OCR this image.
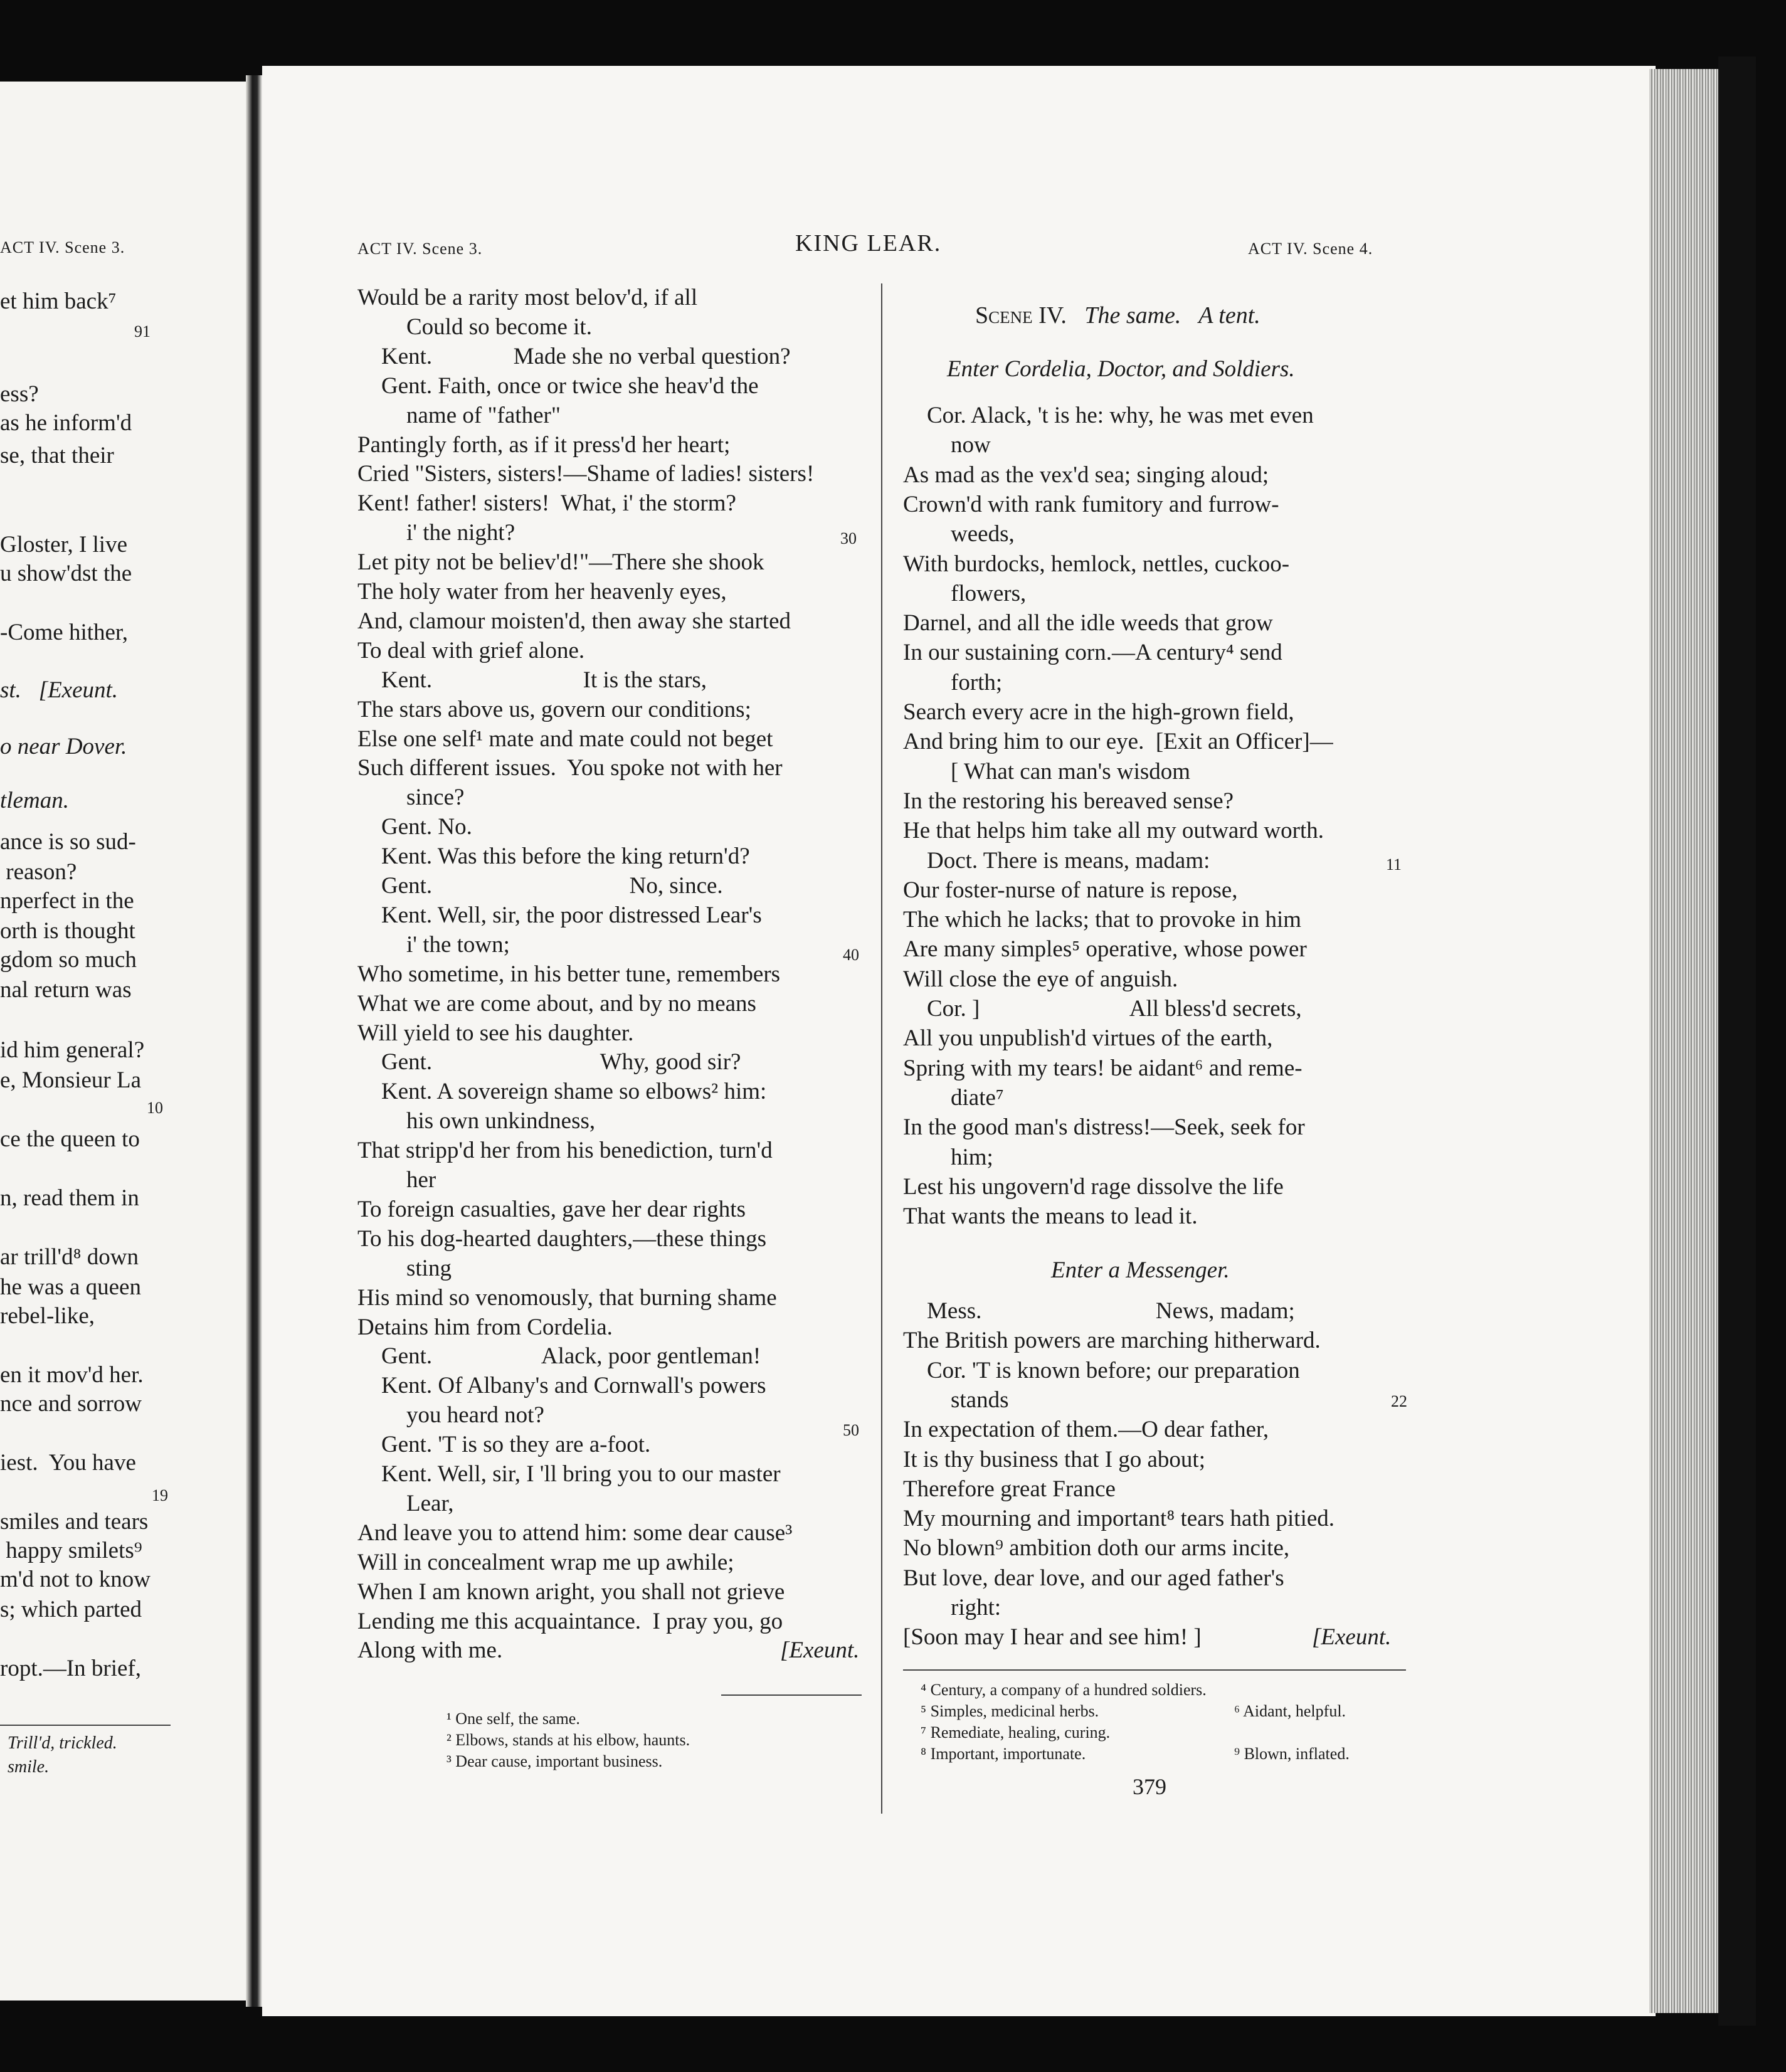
ACT IV. Scene 3.
et him back⁷
ess?
as he inform'd
se, that their
Gloster, I live
u show'dst the
-Come hither,
st.   [Exeunt.
o near Dover.
tleman.
ance is so sud-
reason?
nperfect in the
orth is thought
gdom so much
nal return was
id him general?
e, Monsieur La
ce the queen to
n, read them in
ar trill'd⁸ down
he was a queen
rebel-like,
en it mov'd her.
nce and sorrow
iest.  You have
smiles and tears
happy smilets⁹
m'd not to know
s; which parted
ropt.—In brief,
91
10
19
Trill'd, trickled.
smile.
ACT IV. Scene 3.	KING LEAR.	ACT IV. Scene 4.
Would be a rarity most belov'd, if all
Could so become it.
Kent.              Made she no verbal question?
Gent. Faith, once or twice she heav'd the
name of "father"
Pantingly forth, as if it press'd her heart;
Cried "Sisters, sisters!—Shame of ladies! sisters!
Kent! father! sisters!  What, i' the storm?
i' the night?
Let pity not be believ'd!"—There she shook
The holy water from her heavenly eyes,
And, clamour moisten'd, then away she started
To deal with grief alone.
Kent.                          It is the stars,
The stars above us, govern our conditions;
Else one self¹ mate and mate could not beget
Such different issues.  You spoke not with her
since?
Gent. No.
Kent. Was this before the king return'd?
Gent.                                  No, since.
Kent. Well, sir, the poor distressed Lear's
i' the town;
Who sometime, in his better tune, remembers
What we are come about, and by no means
Will yield to see his daughter.
Gent.                             Why, good sir?
Kent. A sovereign shame so elbows² him:
his own unkindness,
That stripp'd her from his benediction, turn'd
her
To foreign casualties, gave her dear rights
To his dog-hearted daughters,—these things
sting
His mind so venomously, that burning shame
Detains him from Cordelia.
Gent.                   Alack, poor gentleman!
Kent. Of Albany's and Cornwall's powers
you heard not?
Gent. 'T is so they are a-foot.
Kent. Well, sir, I 'll bring you to our master
Lear,
And leave you to attend him: some dear cause³
Will in concealment wrap me up awhile;
When I am known aright, you shall not grieve
Lending me this acquaintance.  I pray you, go
Along with me.	[Exeunt.
30
40
50
¹ One self, the same.
² Elbows, stands at his elbow, haunts.
³ Dear cause, important business.
Scene IV. The same.   A tent.
Enter Cordelia, Doctor, and Soldiers.
Cor. Alack, 't is he: why, he was met even
now
As mad as the vex'd sea; singing aloud;
Crown'd with rank fumitory and furrow-
weeds,
With burdocks, hemlock, nettles, cuckoo-
flowers,
Darnel, and all the idle weeds that grow
In our sustaining corn.—A century⁴ send
forth;
Search every acre in the high-grown field,
And bring him to our eye.  [Exit an Officer]—
[ What can man's wisdom
In the restoring his bereaved sense?
He that helps him take all my outward worth.
Doct. There is means, madam:
Our foster-nurse of nature is repose,
The which he lacks; that to provoke in him
Are many simples⁵ operative, whose power
Will close the eye of anguish.
Cor. ]                          All bless'd secrets,
All you unpublish'd virtues of the earth,
Spring with my tears! be aidant⁶ and reme-
diate⁷
In the good man's distress!—Seek, seek for
him;
Lest his ungovern'd rage dissolve the life
That wants the means to lead it.
Enter a Messenger.
Mess.                              News, madam;
The British powers are marching hitherward.
Cor. 'T is known before; our preparation
stands
In expectation of them.—O dear father,
It is thy business that I go about;
Therefore great France
My mourning and important⁸ tears hath pitied.
No blown⁹ ambition doth our arms incite,
But love, dear love, and our aged father's
right:
[Soon may I hear and see him! ]	[Exeunt.
11
22
⁴ Century, a company of a hundred soldiers.
⁵ Simples, medicinal herbs.	⁶ Aidant, helpful.
⁷ Remediate, healing, curing.
⁸ Important, importunate.	⁹ Blown, inflated.
379
